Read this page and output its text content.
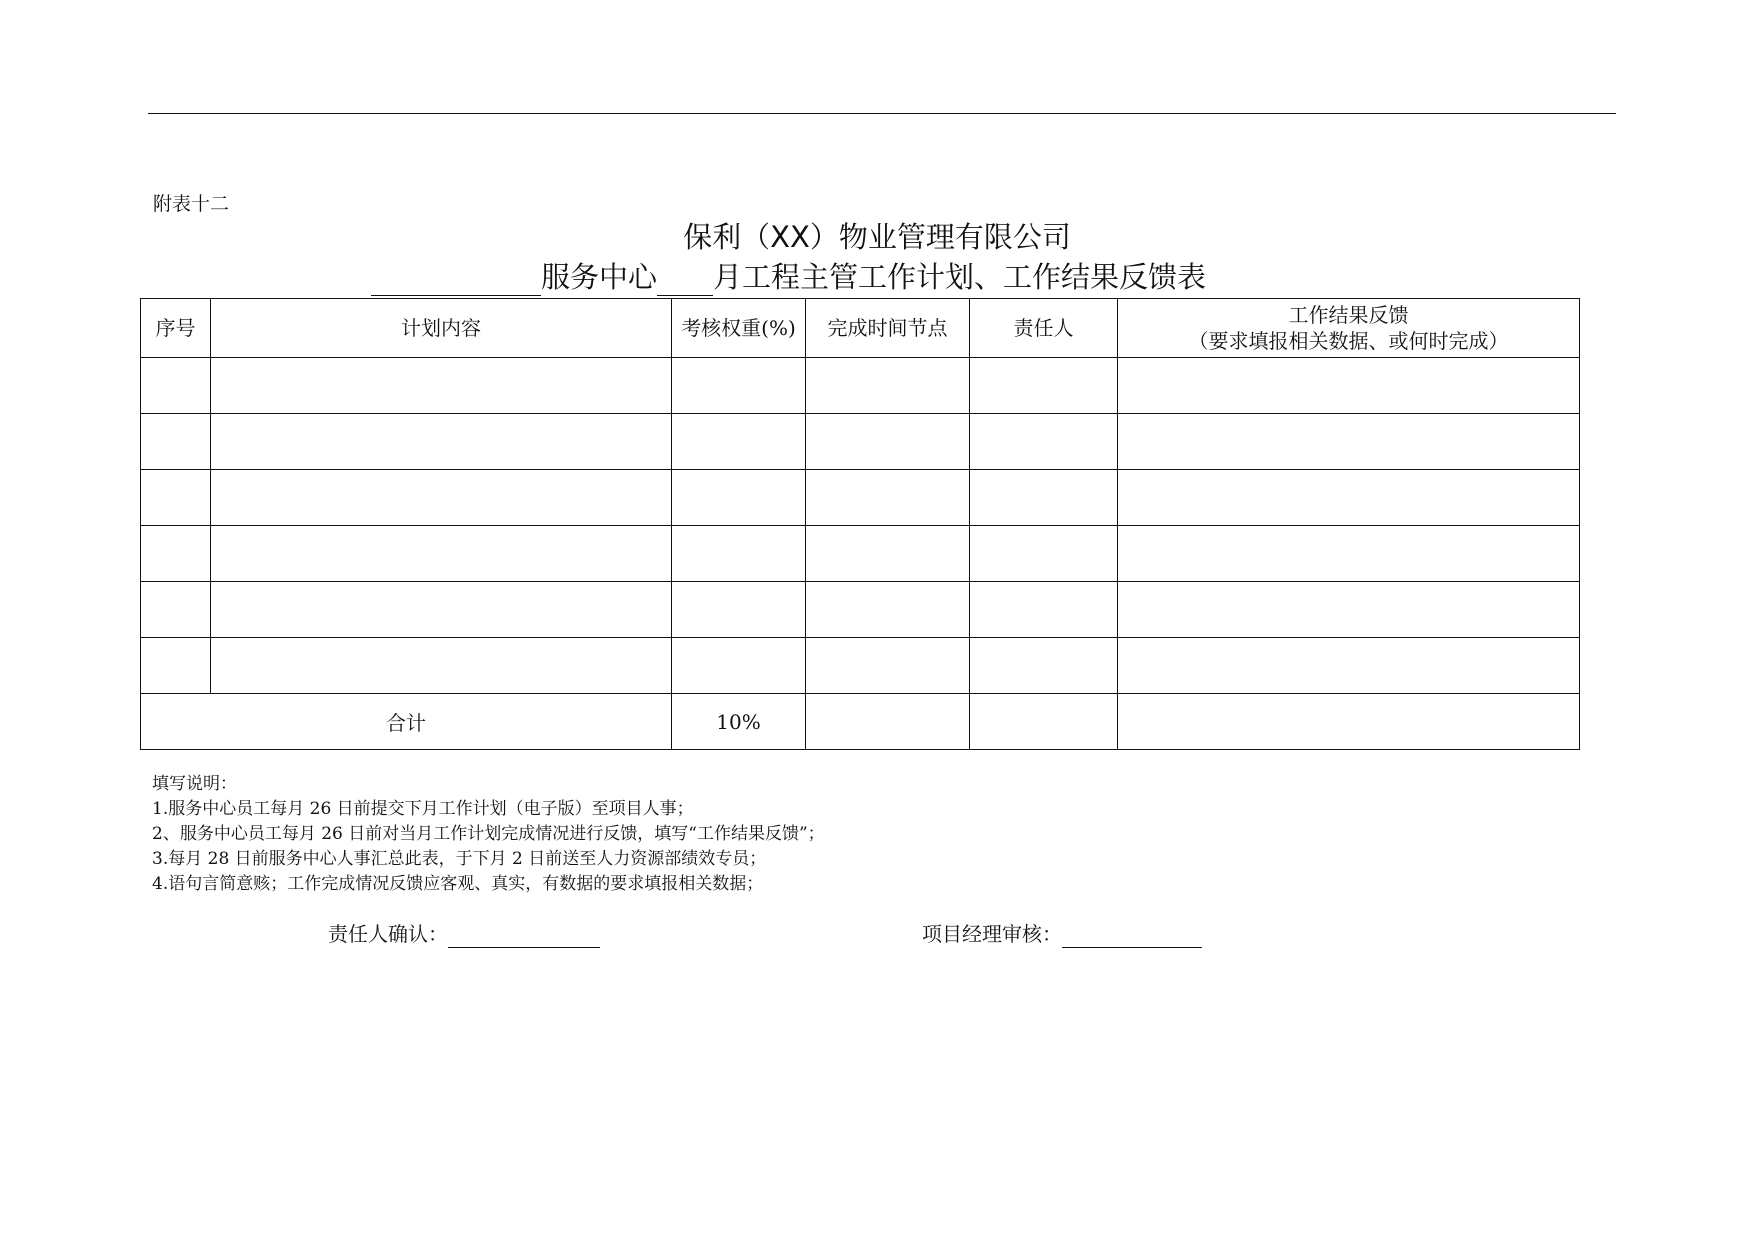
附表十二
保利（XX）物业管理有限公司
服务中心 月工程主管工作计划、工作结果反馈表
序号	计划内容	考核权重(%)	完成时间节点	责任人	工作结果反馈
（要求填报相关数据、或何时完成）

合计		10%			
填写说明：
1.服务中心员工每月 26 日前提交下月工作计划（电子版）至项目人事；
2、服务中心员工每月 26 日前对当月工作计划完成情况进行反馈，填写“工作结果反馈”；
3.每月 28 日前服务中心人事汇总此表，于下月 2 日前送至人力资源部绩效专员；
4.语句言简意赅；工作完成情况反馈应客观、真实，有数据的要求填报相关数据；
责任人确认：	项目经理审核：
